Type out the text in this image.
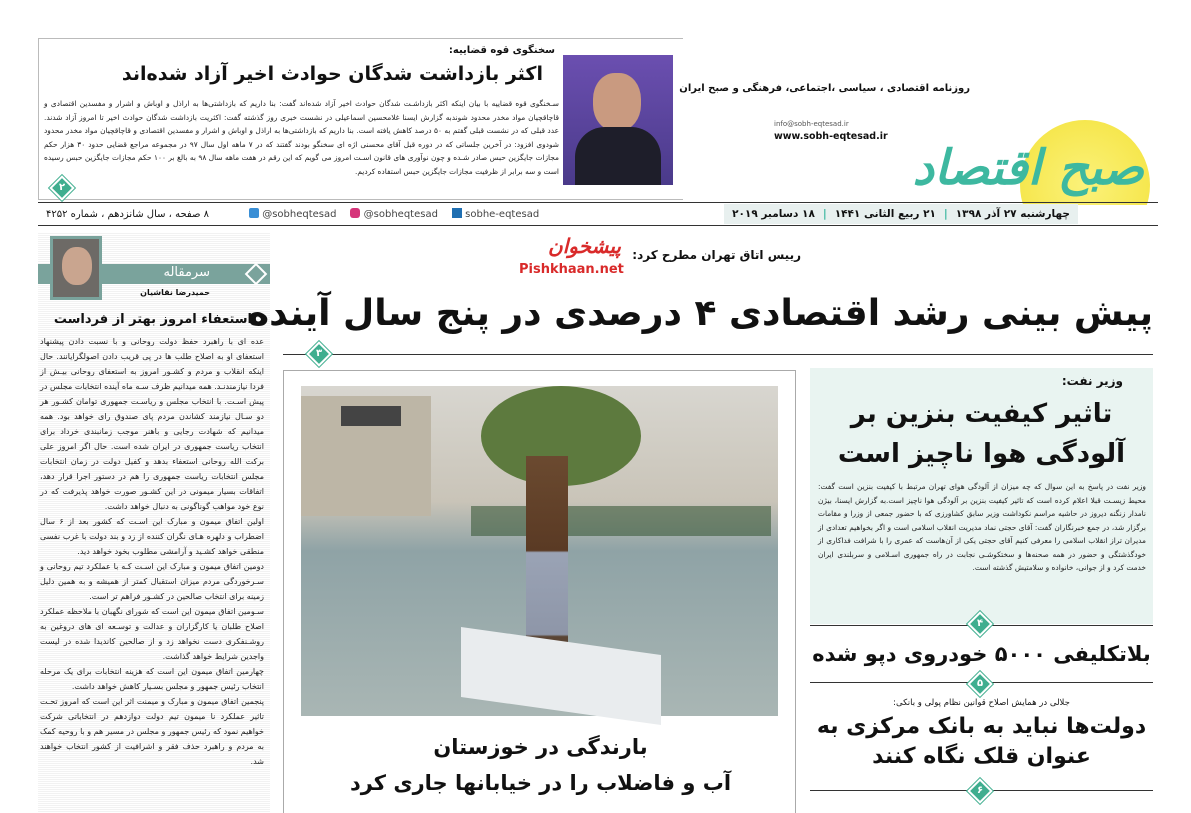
سخنگوی قوه قضاییه:
اکثر بازداشت شدگان حوادث اخیر آزاد شده‌اند
سـخنگوی قوه قضاییه با بیان اینکه اکثر بازداشـت شدگان حوادث اخیر آزاد شده‌اند گفت: بنا داریم که بازداشتی‌ها به اراذل و اوباش و اشرار و مفسدین اقتصادی و قاچاقچیان مواد مخدر محدود شوندبه گزارش ایسنا غلامحسین اسماعیلی در نشست خبری روز گذشته گفت: اکثریت بازداشت شدگان حوادث اخیر تا امروز آزاد شدند. عدد قبلی که در نشست قبلی گفتم به ۵۰ درصد کاهش یافته است. بنا داریم که بازداشتی‌ها به اراذل و اوباش و اشرار و مفسدین اقتصادی و قاچاقچیان مواد مخدر محدود شودوی افزود: در آخرین جلساتی که در دوره قبل آقای محسنی اژه ای سخنگو بودند گفتند که در ۷ ماهه اول سال ۹۷ در مجموعه مراجع قضایی حدود ۳۰ هزار حکم مجازات جایگزین حبس صادر شـده و چون نوآوری های قانون اسـت امروز می گویم که این رقم در هفت ماهه سال ۹۸ به بالغ بر ۱۰۰ حکم مجازات جایگزین حبس رسیده است و سه برابر از ظرفیت مجازات جایگزین حبس استفاده کردیم.
۲	صبح اقتصاد
روزنامه اقتصادی ، سیاسی ،اجتماعی، فرهنگی و صبح ایران
info@sobh-eqtesad.ir
www.sobh-eqtesad.ir
۸ صفحه ، سال شانزدهم ، شماره ۴۲۵۲	@sobheqtesad	@sobheqtesad	sobhe-eqtesad	چهارشنبه ۲۷ آذر ۱۳۹۸
|
۲۱ ربیع الثانی ۱۴۴۱
|
۱۸ دسامبر ۲۰۱۹
سرمقاله
حمیدرضا نقاشیان
استعفاء امروز بهتر از فرداست

عده ای با راهبرد حفظ دولت روحانی و با نسبت دادن پیشنهاد استعفای او به اصلاح طلب ها در پی قریب دادن اصولگرایانند. حال اینکه انقلاب و مردم و کشـور امروز به استعفای روحانی بیـش از فردا نیازمندنـد. همه میدانیم ظرف سـه ماه آینده انتخابات مجلس در پیش اسـت. با انتخاب مجلس و ریاسـت جمهوری توامان کشـور هر دو سـال نیازمند کشاندن مردم پای صندوق رای خواهد بود. همه میدانیم که شهادت رجایی و باهنر موجب زمانبندی خرداد برای انتخاب ریاست جمهوری در ایران شده است. حال اگر امروز علی برکت الله روحانی استعفاء بدهد و کفیل دولت در زمان انتخابات مجلس انتخابات ریاست جمهوری را هم در دستور اجرا قرار دهد، اتفاقات بسیار میمونی در این کشـور صورت خواهد پذیرفت که در نوع خود مواهب گوناگونی به دنبال خواهد داشت.

اولین اتفاق میمون و مبارک این اسـت که کشور بعد از ۶ سال اضطراب و دلهره هـای نگران کننده از زد و بند دولت با غرب نفسی منطقی خواهد کشـید و آرامشی مطلوب بخود خواهد دید.

دومین اتفاق میمون و مبارک این اسـت کـه با عملکرد تیم روحانی و سـرخوردگی مردم میزان استقبال کمتر از همیشه و به همین دلیل زمینه برای انتخاب صالحین در کشـور فراهم تر است.

سـومین اتفاق میمون این است که شورای نگهبان با ملاحظه عملکرد اصلاح طلبان یا کارگزاران و عدالت و توسـعه ای های دروغین به روشـنفکری دست نخواهد زد و از صالحین کاندیدا شده در لیست واجدین شرایط خواهد گذاشت.

چهارمین اتفاق میمون این است که هزینه انتخابات برای یک مرحله انتخاب رئیس جمهور و مجلس بسـیار کاهش خواهد داشت.

پنجمین اتفاق میمون و مبارک و میمنت اثر این است که امروز تحـت تاثیر عملکرد نا میمون تیم دولت دوازدهم در انتخاباتی شرکت خواهیم نمود که رئیس جمهور و مجلس در مسیر هم و با روحیه کمک به مردم و راهبرد حذف فقر و اشرافیت از کشور انتخاب خواهند شد.

رییس اتاق تهران مطرح کرد:
پیشخوان
Pishkhaan.net
پیش بینی رشد اقتصادی ۴ درصدی در پنج سال آینده
۳
بارندگی در خوزستان
آب و فاضلاب را در خیابانها جاری کرد
وزیر نفت:
تاثیر کیفیت بنزین بر آلودگی هوا ناچیز است
وزیر نفت در پاسخ به این سوال که چه میزان از آلودگی هوای تهران مرتبط با کیفیت بنزین است گفت: محیط زیسـت قبلا اعلام کرده است که تاثیر کیفیت بنزین بر آلودگی هوا ناچیز است.به گزارش ایسنا، بیژن نامدار زنگنه دیروز در حاشیه مراسم نکوداشت وزیر سابق کشاورزی که با حضور جمعی از وزرا و مقامات برگزار شد، در جمع خبرنگاران گفت: آقای حجتی نماد مدیریت انقلاب اسلامی است و اگر بخواهیم تعدادی از مدیران تراز انقلاب اسلامی را معرفی کنیم آقای حجتی یکی از آن‌هاست که عمری را با شرافت فداکاری از خودگذشتگی و حضور در همه صحنه‌ها و سختکوشـی نجابت در راه جمهوری اسـلامی و سربلندی ایران خدمت کرد و از جوانی، خانواده و سلامتیش گذشته است.
۴
بلاتکلیفی ۵۰۰۰ خودروی دپو شده
۵
جلالی در همایش اصلاح قوانین نظام پولی و بانکی:
دولت‌ها نباید به بانک مرکزی به عنوان قلک نگاه کنند
۶
